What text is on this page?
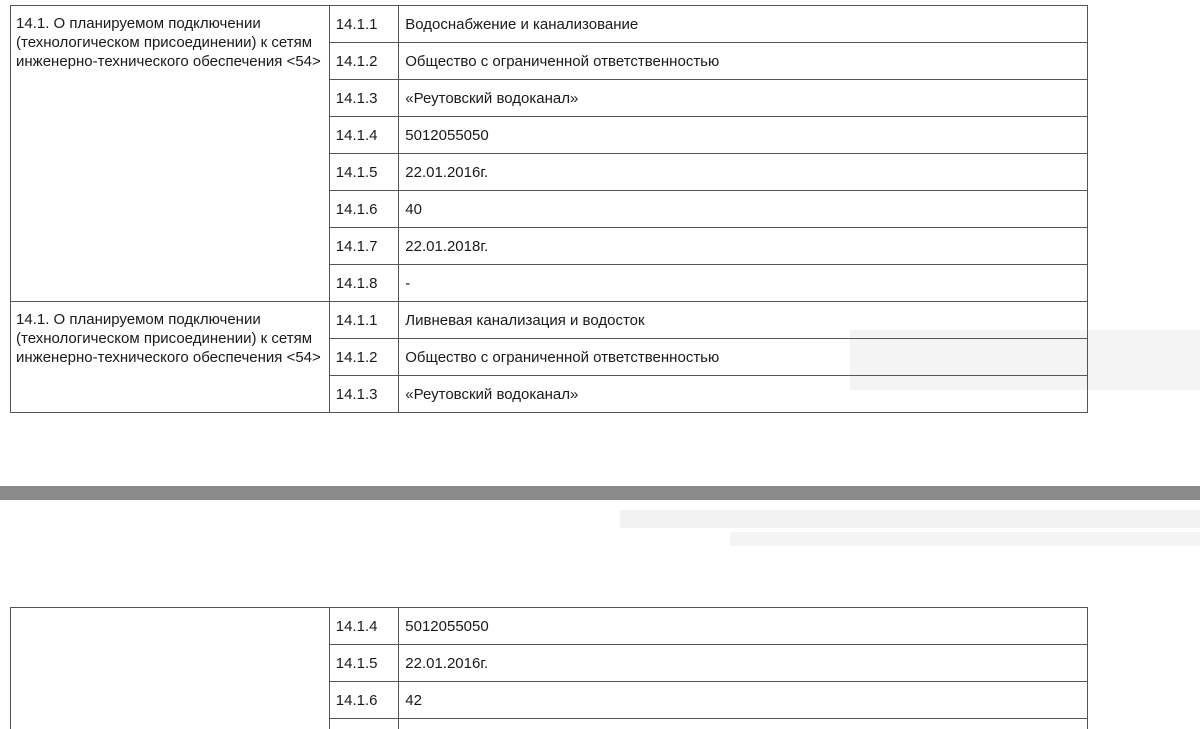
14.1. О планируемом подключении (технологическом присоединении) к сетям инженерно-технического обеспечения <54>	14.1.1	Водоснабжение и канализование
	14.1.2	Общество с ограниченной ответственностью
	14.1.3	«Реутовский водоканал»
	14.1.4	5012055050
	14.1.5	22.01.2016г.
	14.1.6	40
	14.1.7	22.01.2018г.
	14.1.8	-
14.1. О планируемом подключении (технологическом присоединении) к сетям инженерно-технического обеспечения <54>	14.1.1	Ливневая канализация и водосток
	14.1.2	Общество с ограниченной ответственностью
	14.1.3	«Реутовский водоканал»
	14.1.4	5012055050
	14.1.5	22.01.2016г.
	14.1.6	42
